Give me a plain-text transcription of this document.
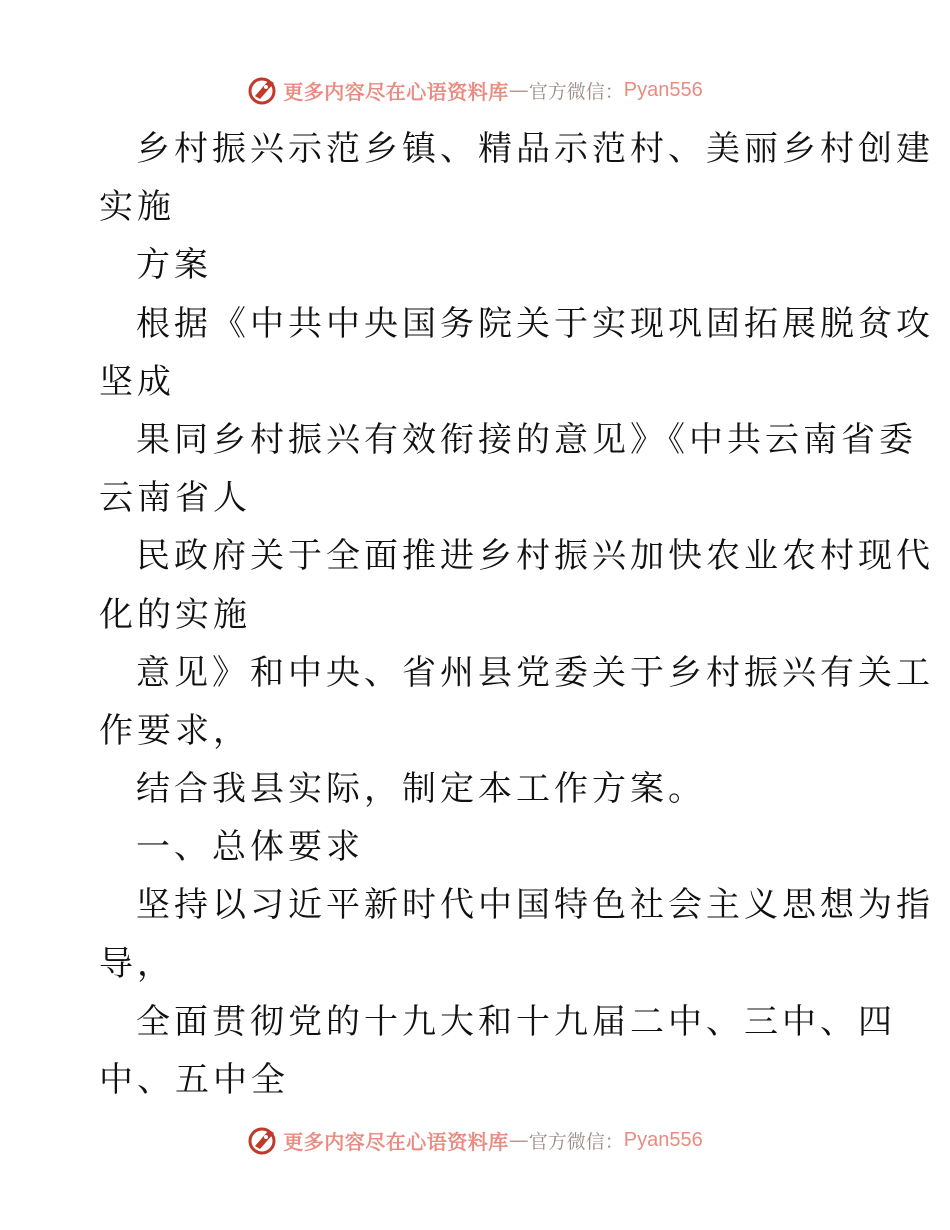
更多内容尽在心语资料库 — 官方微信： Pyan556
乡村振兴示范乡镇、精品示范村、美丽乡村创建
实施
方案
根据《中共中央国务院关于实现巩固拓展脱贫攻
坚成
果同乡村振兴有效衔接的意见》《中共云南省委
云南省人
民政府关于全面推进乡村振兴加快农业农村现代
化的实施
意见》和中央、省州县党委关于乡村振兴有关工
作要求，
结合我县实际，制定本工作方案。
一、总体要求
坚持以习近平新时代中国特色社会主义思想为指
导，
全面贯彻党的十九大和十九届二中、三中、四
中、五中全
更多内容尽在心语资料库 — 官方微信： Pyan556
